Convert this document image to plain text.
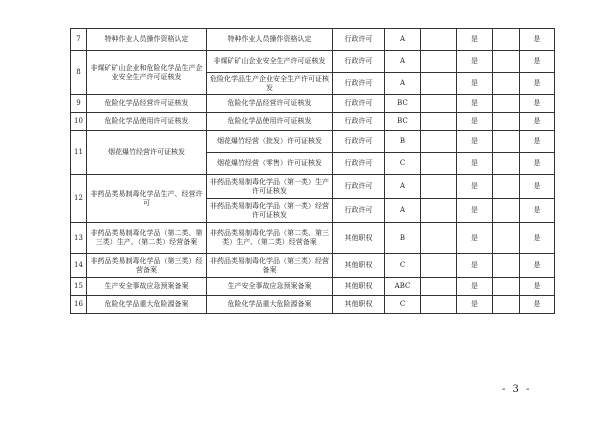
7	特种作业人员操作资格认定	特种作业人员操作资格认定	行政许可	A		是		是
8	非煤矿矿山企业和危险化学品生产企业安全生产许可证核发	非煤矿矿山企业安全生产许可证核发	行政许可	A		是		是
		危险化学品生产企业安全生产许可证核发	行政许可	A		是		是
9	危险化学品经营许可证核发	危险化学品经营许可证核发	行政许可	BC		是		是
10	危险化学品使用许可证核发	危险化学品使用许可证核发	行政许可	BC		是		是
11	烟花爆竹经营许可证核发	烟花爆竹经营（批发）许可证核发	行政许可	B		是		是
		烟花爆竹经营（零售）许可证核发	行政许可	C		是		是
12	非药品类易制毒化学品生产、经营许可	非药品类易制毒化学品（第一类）生产许可证核发	行政许可	A		是		是
		非药品类易制毒化学品（第一类）经营许可证核发	行政许可	A		是		是
13	非药品类易制毒化学品（第二类、第三类）生产、（第二类）经营备案	非药品类易制毒化学品（第二类、第三类）生产、（第二类）经营备案	其他职权	B		是		是
14	非药品类易制毒化学品（第三类）经营备案	非药品类易制毒化学品（第三类）经营备案	其他职权	C		是		是
15	生产安全事故应急预案备案	生产安全事故应急预案备案	其他职权	ABC		是		是
16	危险化学品重大危险源备案	危险化学品重大危险源备案	其他职权	C		是		是
- 3 -
